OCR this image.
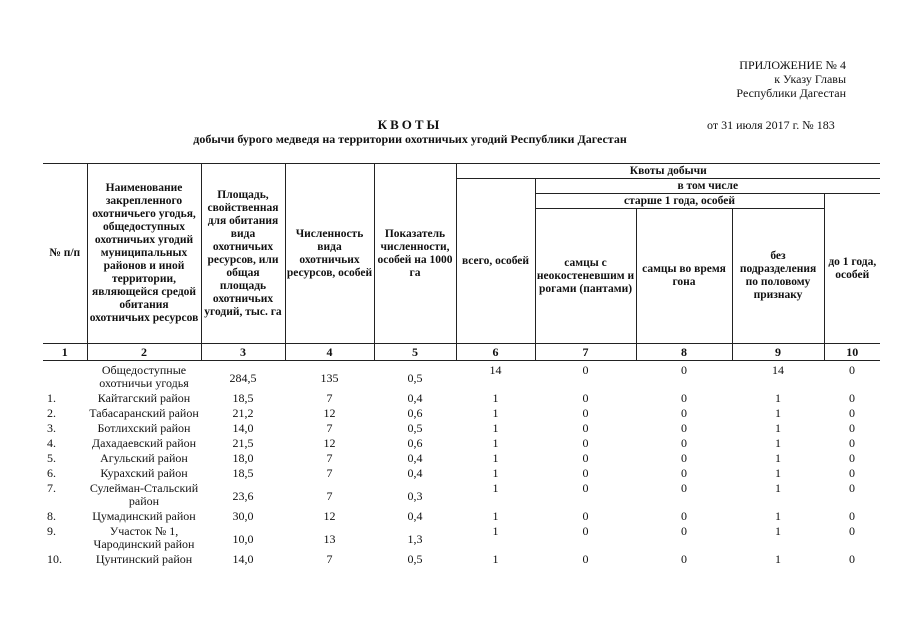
ПРИЛОЖЕНИЕ № 4
к Указу Главы
Республики Дагестан
КВОТЫ
добычи бурого медведя на территории охотничьих угодий Республики Дагестан
от 31 июля 2017 г. № 183
№ п/п	Наименование закрепленного охотничьего угодья, общедоступных охотничьих угодий муниципальных районов и иной территории, являющейся средой обитания охотничьих ресурсов	Площадь, свойственная для обитания вида охотничьих ресурсов, или общая площадь охотничьих угодий, тыс. га	Численность вида охотничьих ресурсов, особей	Показатель численности, особей на 1000 га	Квоты добычи				
					всего, особей	в том числе			
						старше 1 года, особей			до 1 года, особей
						самцы с неокостеневшим и рогами (пантами)	самцы во время гона	без подразделения по половому признаку	
1	2	3	4	5	6	7	8	9	10
	Общедоступные охотничьи угодья	284,5	135	0,5	14	0	0	14	0
1.	Кайтагский район	18,5	7	0,4	1	0	0	1	0
2.	Табасаранский район	21,2	12	0,6	1	0	0	1	0
3.	Ботлихский район	14,0	7	0,5	1	0	0	1	0
4.	Дахадаевский район	21,5	12	0,6	1	0	0	1	0
5.	Агульский район	18,0	7	0,4	1	0	0	1	0
6.	Курахский район	18,5	7	0,4	1	0	0	1	0
7.	Сулейман-Стальский район	23,6	7	0,3	1	0	0	1	0
8.	Цумадинский район	30,0	12	0,4	1	0	0	1	0
9.	Участок № 1, Чародинский район	10,0	13	1,3	1	0	0	1	0
10.	Цунтинский район	14,0	7	0,5	1	0	0	1	0
